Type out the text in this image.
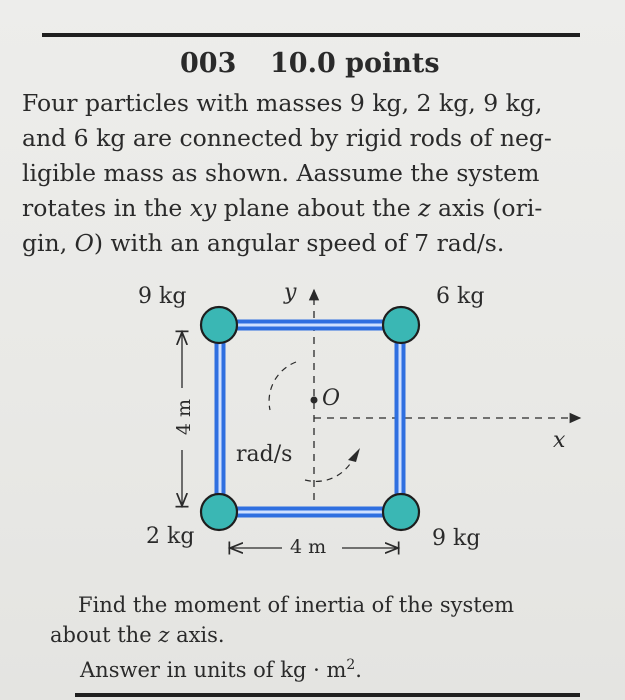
003 10.0 points
Four particles with masses 9 kg, 2 kg, 9 kg,
and 6 kg are connected by rigid rods of neg-
ligible mass as shown. Aassume the system
rotates in the xy plane about the z axis (ori-
gin, O) with an angular speed of 7 rad/s.
9 kg	6 kg
2 kg	9 kg
y
x
O
rad/s
4 m
4 m
Find the moment of inertia of the system
about the z axis.
Answer in units of kg · $m^2$.
